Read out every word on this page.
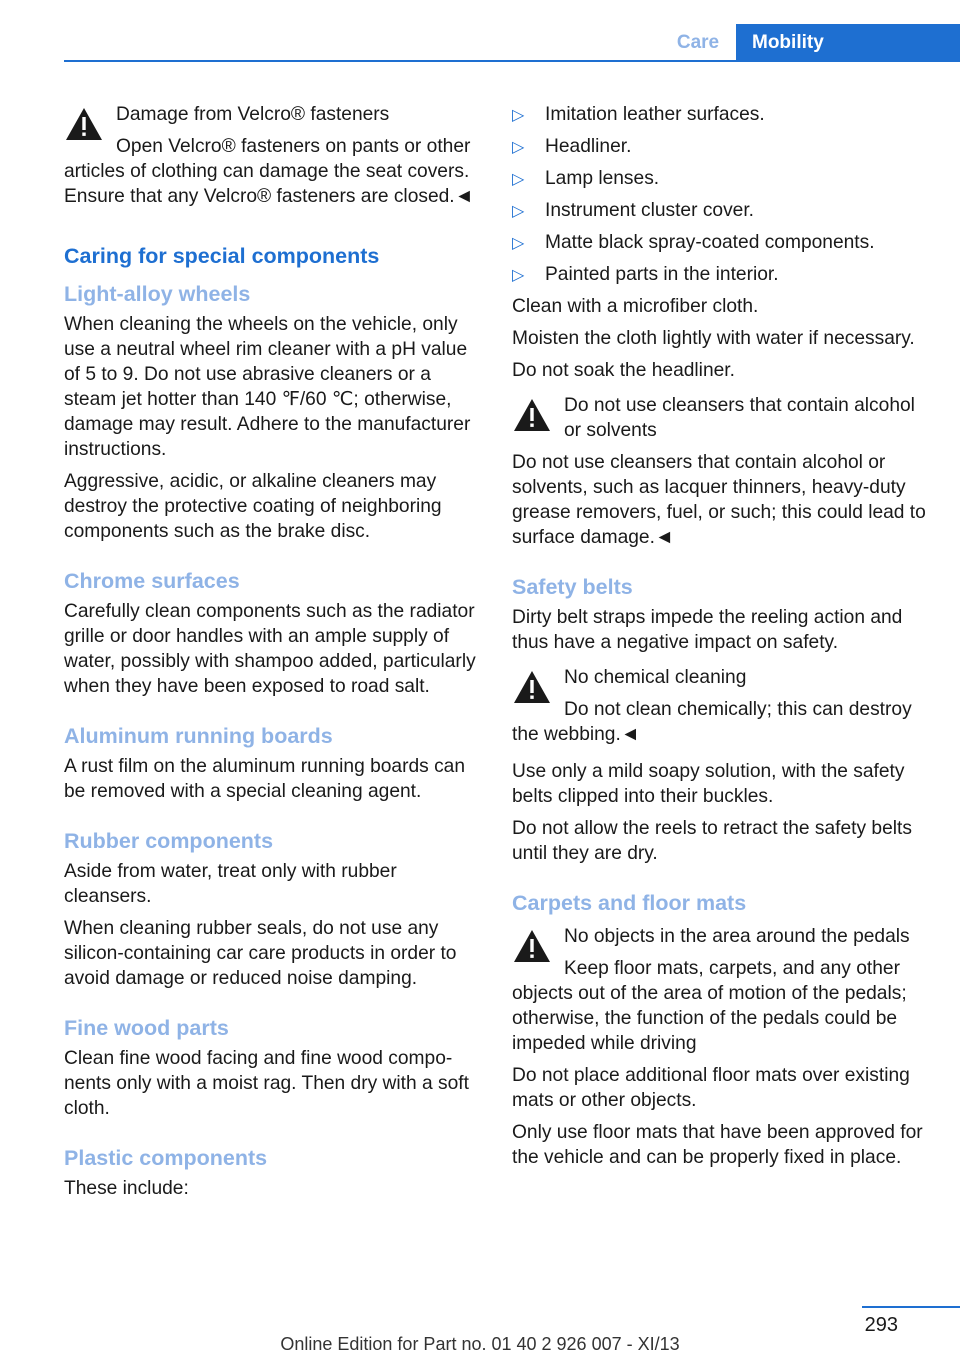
Care	Mobility
Damage from Velcro® fasteners

Open Velcro® fasteners on pants or other articles of clothing can damage the seat covers. Ensure that any Velcro® fasteners are closed.◄

Caring for special components
Light-alloy wheels

When cleaning the wheels on the vehicle, only use a neutral wheel rim cleaner with a pH value of 5 to 9. Do not use abrasive cleaners or a steam jet hotter than 140 ℉/60 ℃; otherwise, damage may result. Adhere to the manufacturer instructions.

Aggressive, acidic, or alkaline cleaners may destroy the protective coating of neighboring components such as the brake disc.

Chrome surfaces

Carefully clean components such as the radiator grille or door handles with an ample supply of water, possibly with shampoo added, particularly when they have been exposed to road salt.

Aluminum running boards

A rust film on the aluminum running boards can be removed with a special cleaning agent.

Rubber components

Aside from water, treat only with rubber cleansers.

When cleaning rubber seals, do not use any silicon-containing car care products in order to avoid damage or reduced noise damping.

Fine wood parts

Clean fine wood facing and fine wood components only with a moist rag. Then dry with a soft cloth.

Plastic components

These include:

▷ Imitation leather surfaces.
▷ Headliner.
▷ Lamp lenses.
▷ Instrument cluster cover.
▷ Matte black spray-coated components.
▷ Painted parts in the interior.

Clean with a microfiber cloth.

Moisten the cloth lightly with water if necessary.

Do not soak the headliner.

Do not use cleansers that contain alcohol or solvents

Do not use cleansers that contain alcohol or solvents, such as lacquer thinners, heavy-duty grease removers, fuel, or such; this could lead to surface damage.◄

Safety belts

Dirty belt straps impede the reeling action and thus have a negative impact on safety.

No chemical cleaning

Do not clean chemically; this can destroy the webbing.◄

Use only a mild soapy solution, with the safety belts clipped into their buckles.

Do not allow the reels to retract the safety belts until they are dry.

Carpets and floor mats
No objects in the area around the pedals

Keep floor mats, carpets, and any other objects out of the area of motion of the pedals; otherwise, the function of the pedals could be impeded while driving

Do not place additional floor mats over existing mats or other objects.

Only use floor mats that have been approved for the vehicle and can be properly fixed in place.

293
Online Edition for Part no. 01 40 2 926 007 - XI/13
